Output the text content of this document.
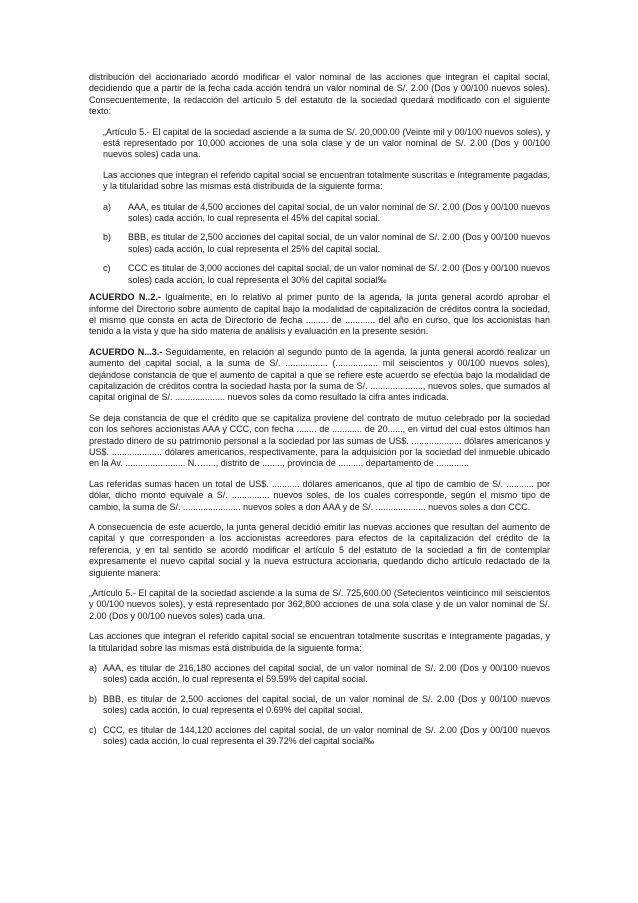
distribución del accionariado acordó modificar el valor nominal de las acciones que integran el capital social, decidiendo que a partir de la fecha cada acción tendrá un valor nominal de S/. 2.00 (Dos y 00/100 nuevos soles). Consecuentemente, la redacción del artículo 5 del estatuto de la sociedad quedará modificado con el siguiente texto:

„Artículo 5.- El capital de la sociedad asciende a la suma de S/. 20,000.00 (Veinte mil y 00/100 nuevos soles), y está representado por 10,000 acciones de una sola clase y de un valor nominal de S/. 2.00 (Dos y 00/100 nuevos soles) cada una.

Las acciones que integran el referido capital social se encuentran totalmente suscritas e íntegramente pagadas, y la titularidad sobre las mismas está distribuida de la siguiente forma:

a) AAA, es titular de 4,500 acciones del capital social, de un valor nominal de S/. 2.00 (Dos y 00/100 nuevos soles) cada acción, lo cual representa el 45% del capital social.
b) BBB, es titular de 2,500 acciones del capital social, de un valor nominal de S/. 2.00 (Dos y 00/100 nuevos soles) cada acción, lo cual representa el 25% del capital social.
c) CCC es titular de 3,000 acciones del capital social, de un valor nominal de S/. 2.00 (Dos y 00/100 nuevos soles) cada acción, lo cual representa el 30% del capital social‰

ACUERDO N..2.- Igualmente, en lo relativo al primer punto de la agenda, la junta general acordó aprobar el informe del Directorio sobre aumento de capital bajo la modalidad de capitalización de créditos contra la sociedad, el mismo que consta en acta de Directorio de fecha ......... de ............ del año en curso, que los accionistas han tenido a la vista y que ha sido materia de análisis y evaluación en la presente sesión.

ACUERDO N...3.- Seguidamente, en relación al segundo punto de la agenda, la junta general acordó realizar un aumento del capital social, a la suma de S/. ................. (................. mil seiscientos y 00/100 nuevos soles), dejándose constancia de que el aumento de capital a que se refiere este acuerdo se efectúa bajo la modalidad de capitalización de créditos contra la sociedad hasta por la suma de S/. ....................., nuevos soles, que sumados al capital original de S/. .................... nuevos soles da como resultado la cifra antes indicada.

Se deja constancia de que el crédito que se capitaliza proviene del contrato de mutuo celebrado por la sociedad con los señores accionistas AAA y CCC, con fecha ........ de ............ de 20......, en virtud del cual estos últimos han prestado dinero de su patrimonio personal a la sociedad por las sumas de US$. .................... dólares americanos y US$. .................... dólares americanos, respectivamente, para la adquisición por la sociedad del inmueble ubicado en la Av. ........................ N.…...., distrito de ........, provincia de ........., departamento de .............

Las referidas sumas hacen un total de US$. ........... dólares americanos, que al tipo de cambio de S/. ........... por dólar, dicho monto equivale a S/. ............... nuevos soles, de los cuales corresponde, según el mismo tipo de cambio, la suma de S/. ....................... nuevos soles a don AAA y de S/. .................... nuevos soles a don CCC.

A consecuencia de este acuerdo, la junta general decidió emitir las nuevas acciones que resultan del aumento de capital y que corresponden a los accionistas acreedores para efectos de la capitalización del crédito de la referencia, y en tal sentido se acordó modificar el artículo 5 del estatuto de la sociedad a fin de contemplar expresamente el nuevo capital social y la nueva estructura accionaria, quedando dicho artículo redactado de la siguiente manera:

„Artículo 5.- El capital de la sociedad asciende a la suma de S/. 725,600.00 (Setecientos veinticinco mil seiscientos y 00/100 nuevos soles), y está representado por 362,800 acciones de una sola clase y de un valor nominal de S/. 2.00 (Dos y 00/100 nuevos soles) cada una.

Las acciones que integran el referido capital social se encuentran totalmente suscritas e íntegramente pagadas, y la titularidad sobre las mismas está distribuida de la siguiente forma:

a) AAA, es titular de 216,180 acciones del capital social, de un valor nominal de S/. 2.00 (Dos y 00/100 nuevos soles) cada acción, lo cual representa el 59.59% del capital social.
b) BBB, es titular de 2,500 acciones del capital social, de un valor nominal de S/. 2.00 (Dos y 00/100 nuevos soles) cada acción, lo cual representa el 0.69% del capital social.
c) CCC, es titular de 144,120 acciones del capital social, de un valor nominal de S/. 2.00 (Dos y 00/100 nuevos soles) cada acción, lo cual representa el 39.72% del capital social‰
